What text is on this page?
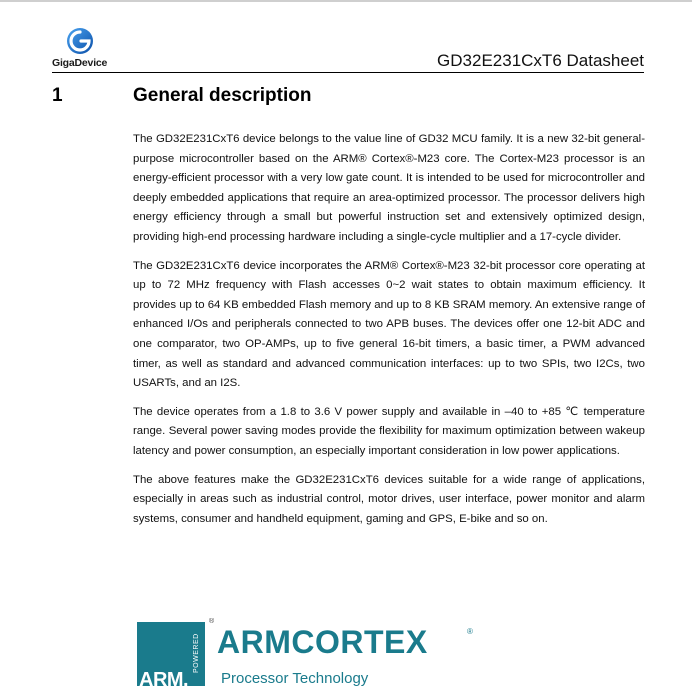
GigaDevice	GD32E231CxT6 Datasheet
1	General description

The GD32E231CxT6 device belongs to the value line of GD32 MCU family. It is a new 32-bit general-purpose microcontroller based on the ARM® Cortex®-M23 core. The Cortex-M23 processor is an energy-efficient processor with a very low gate count. It is intended to be used for microcontroller and deeply embedded applications that require an area-optimized processor. The processor delivers high energy efficiency through a small but powerful instruction set and extensively optimized design, providing high-end processing hardware including a single-cycle multiplier and a 17-cycle divider.

The GD32E231CxT6 device incorporates the ARM® Cortex®-M23 32-bit processor core operating at up to 72 MHz frequency with Flash accesses 0~2 wait states to obtain maximum efficiency. It provides up to 64 KB embedded Flash memory and up to 8 KB SRAM memory. An extensive range of enhanced I/Os and peripherals connected to two APB buses. The devices offer one 12-bit ADC and one comparator, two OP-AMPs, up to five general 16-bit timers, a basic timer, a PWM advanced timer, as well as standard and advanced communication interfaces: up to two SPIs, two I2Cs, two USARTs, and an I2S.

The device operates from a 1.8 to 3.6 V power supply and available in –40 to +85 ℃ temperature range. Several power saving modes provide the flexibility for maximum optimization between wakeup latency and power consumption, an especially important consideration in low power applications.

The above features make the GD32E231CxT6 devices suitable for a wide range of applications, especially in areas such as industrial control, motor drives, user interface, power monitor and alarm systems, consumer and handheld equipment, gaming and GPS, E-bike and so on.

POWERED
ARM.
®
ARMCORTEX	®
Processor Technology
